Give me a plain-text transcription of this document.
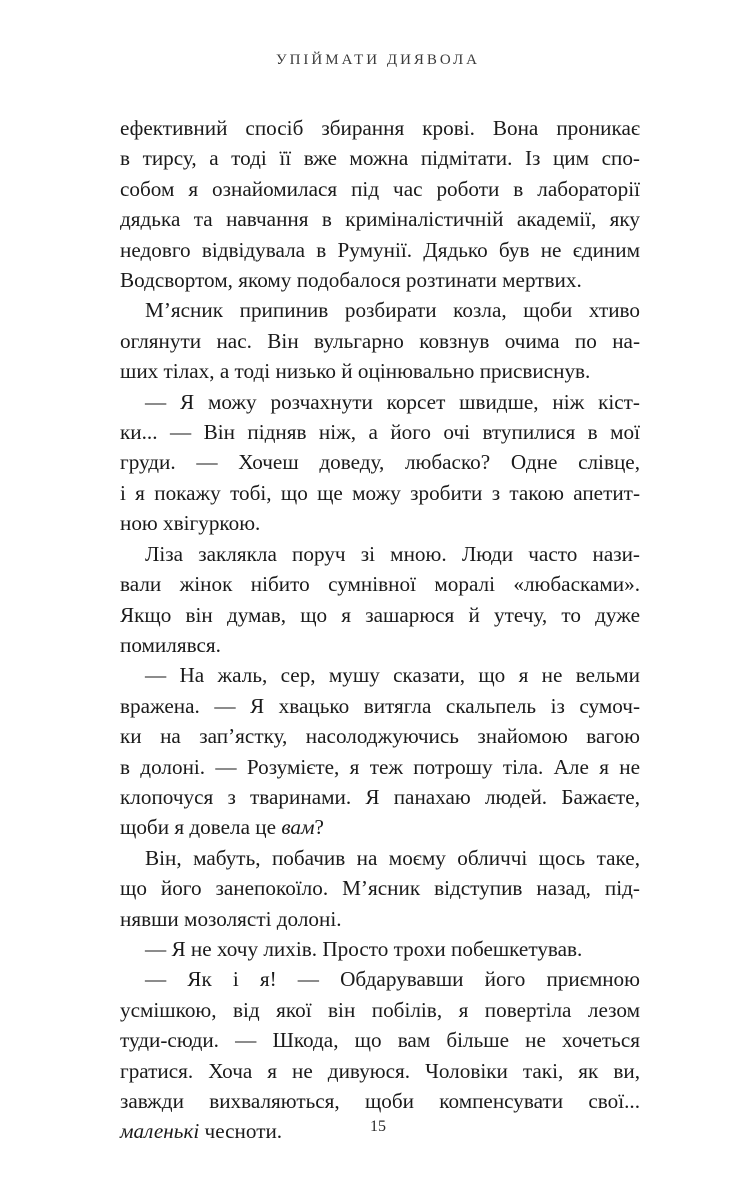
УПІЙМАТИ ДИЯВОЛА
ефективний спосіб збирання крові. Вона проникає
в тирсу, а тоді її вже можна підмітати. Із цим спо-
собом я ознайомилася під час роботи в лабораторії
дядька та навчання в криміналістичній академії, яку
недовго відвідувала в Румунії. Дядько був не єдиним
Водсвортом, якому подобалося розтинати мертвих.
М’ясник припинив розбирати козла, щоби хтиво
оглянути нас. Він вульгарно ковзнув очима по на-
ших тілах, а тоді низько й оцінювально присвиснув.
— Я можу розчахнути корсет швидше, ніж кіст-
ки... — Він підняв ніж, а його очі втупилися в мої
груди. — Хочеш доведу, любаско? Одне слівце,
і я покажу тобі, що ще можу зробити з такою апетит-
ною хвігуркою.
Ліза заклякла поруч зі мною. Люди часто нази-
вали жінок нібито сумнівної моралі «любасками».
Якщо він думав, що я зашарюся й утечу, то дуже
помилявся.
— На жаль, сер, мушу сказати, що я не вельми
вражена. — Я хвацько витягла скальпель із сумоч-
ки на зап’ястку, насолоджуючись знайомою вагою
в долоні. — Розумієте, я теж потрошу тіла. Але я не
клопочуся з тваринами. Я панахаю людей. Бажаєте,
щоби я довела це вам?
Він, мабуть, побачив на моєму обличчі щось таке,
що його занепокоїло. М’ясник відступив назад, під-
нявши мозолясті долоні.
— Я не хочу лихів. Просто трохи побешкетував.
— Як і я! — Обдарувавши його приємною
усмішкою, від якої він побілів, я повертіла лезом
туди-сюди. — Шкода, що вам більше не хочеться
гратися. Хоча я не дивуюся. Чоловіки такі, як ви,
завжди вихваляються, щоби компенсувати свої...
маленькі чесноти.	15
